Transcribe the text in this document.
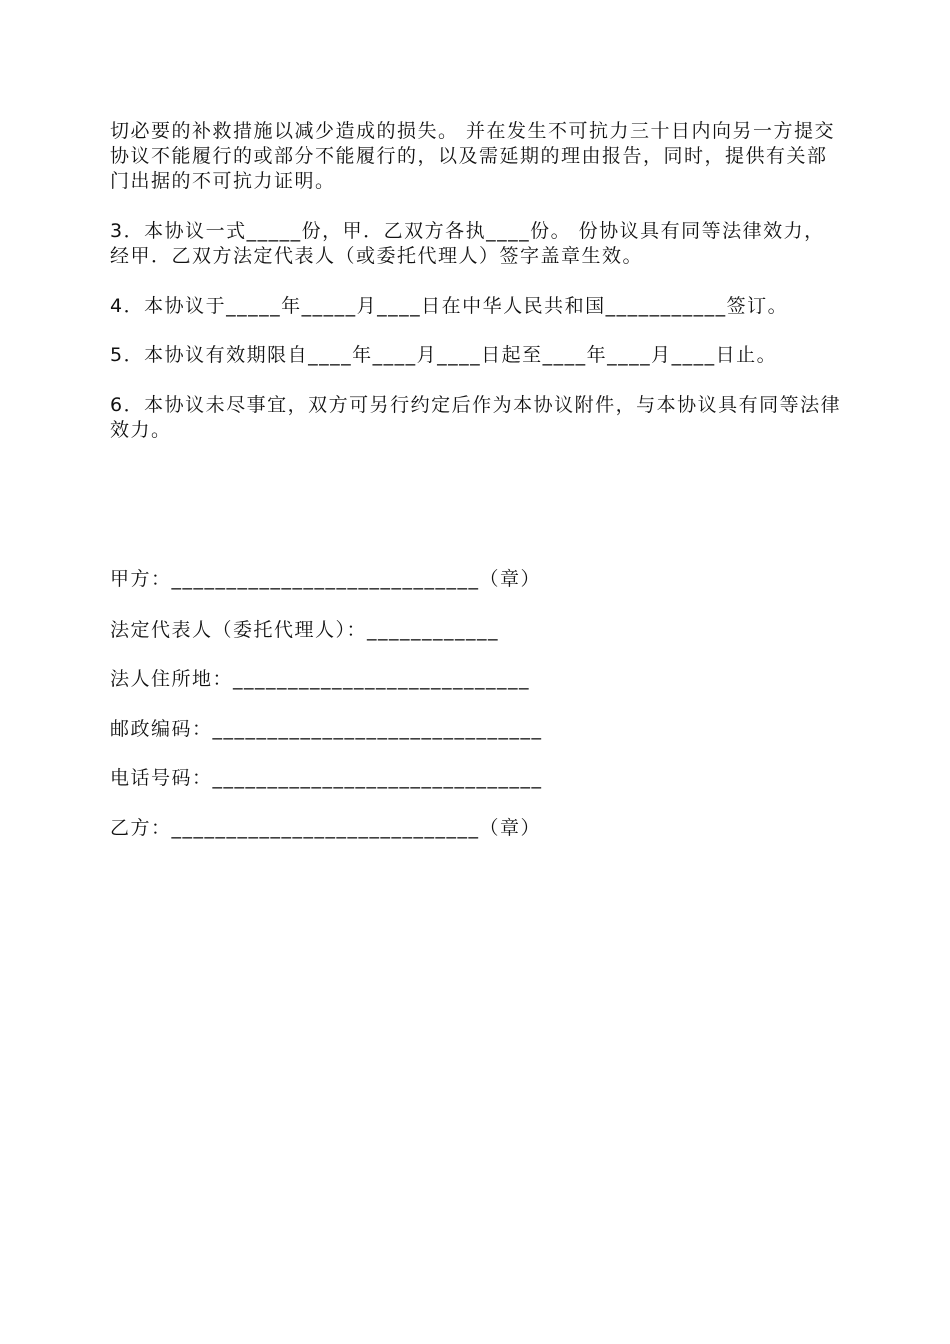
切必要的补救措施以减少造成的损失。 并在发生不可抗力三十日内向另一方提交协议不能履行的或部分不能履行的，以及需延期的理由报告，同时，提供有关部门出据的不可抗力证明。
3．本协议一式_____份，甲．乙双方各执____份。 份协议具有同等法律效力，经甲．乙双方法定代表人（或委托代理人）签字盖章生效。
4．本协议于_____年_____月____日在中华人民共和国___________签订。
5．本协议有效期限自____年____月____日起至____年____月____日止。
6．本协议未尽事宜，双方可另行约定后作为本协议附件，与本协议具有同等法律效力。
甲方：____________________________（章）
法定代表人（委托代理人）：____________
法人住所地：___________________________
邮政编码：______________________________
电话号码：______________________________
乙方：____________________________（章）
